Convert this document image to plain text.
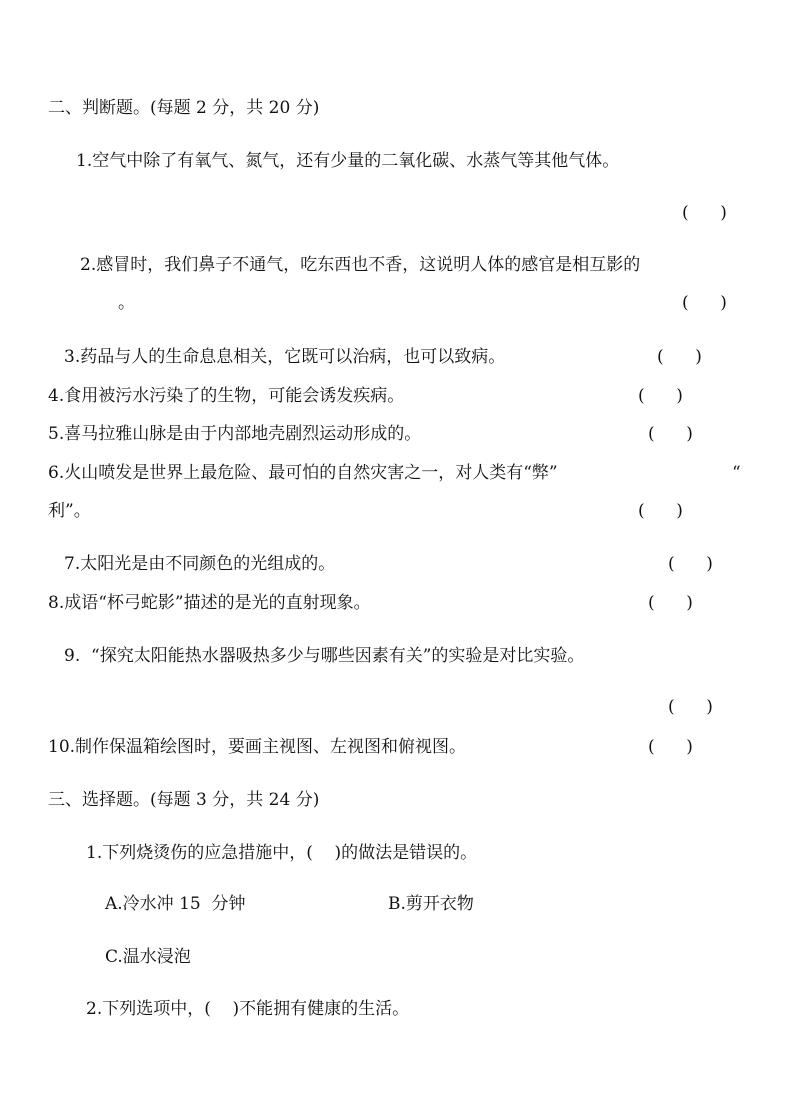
二、判断题。(每题 2 分，共 20 分)
1.空气中除了有氧气、氮气，还有少量的二氧化碳、水蒸气等其他气体。
(    )
2.感冒时，我们鼻子不通气，吃东西也不香，这说明人体的感官是相互影的
。	(    )
3.药品与人的生命息息相关，它既可以治病，也可以致病。	(    )
4.食用被污水污染了的生物，可能会诱发疾病。	(    )
5.喜马拉雅山脉是由于内部地壳剧烈运动形成的。	(    )
6.火山喷发是世界上最危险、最可怕的自然灾害之一，对人类有“弊”	“
利”。	(    )
7.太阳光是由不同颜色的光组成的。	(    )
8.成语“杯弓蛇影”描述的是光的直射现象。	(    )
9.  “探究太阳能热水器吸热多少与哪些因素有关”的实验是对比实验。
(    )
10.制作保温箱绘图时，要画主视图、左视图和俯视图。	(    )
三、选择题。(每题 3 分，共 24 分)
1.下列烧烫伤的应急措施中，(    )的做法是错误的。
A.冷水冲 15  分钟	B.剪开衣物
C.温水浸泡
2.下列选项中，(    )不能拥有健康的生活。
